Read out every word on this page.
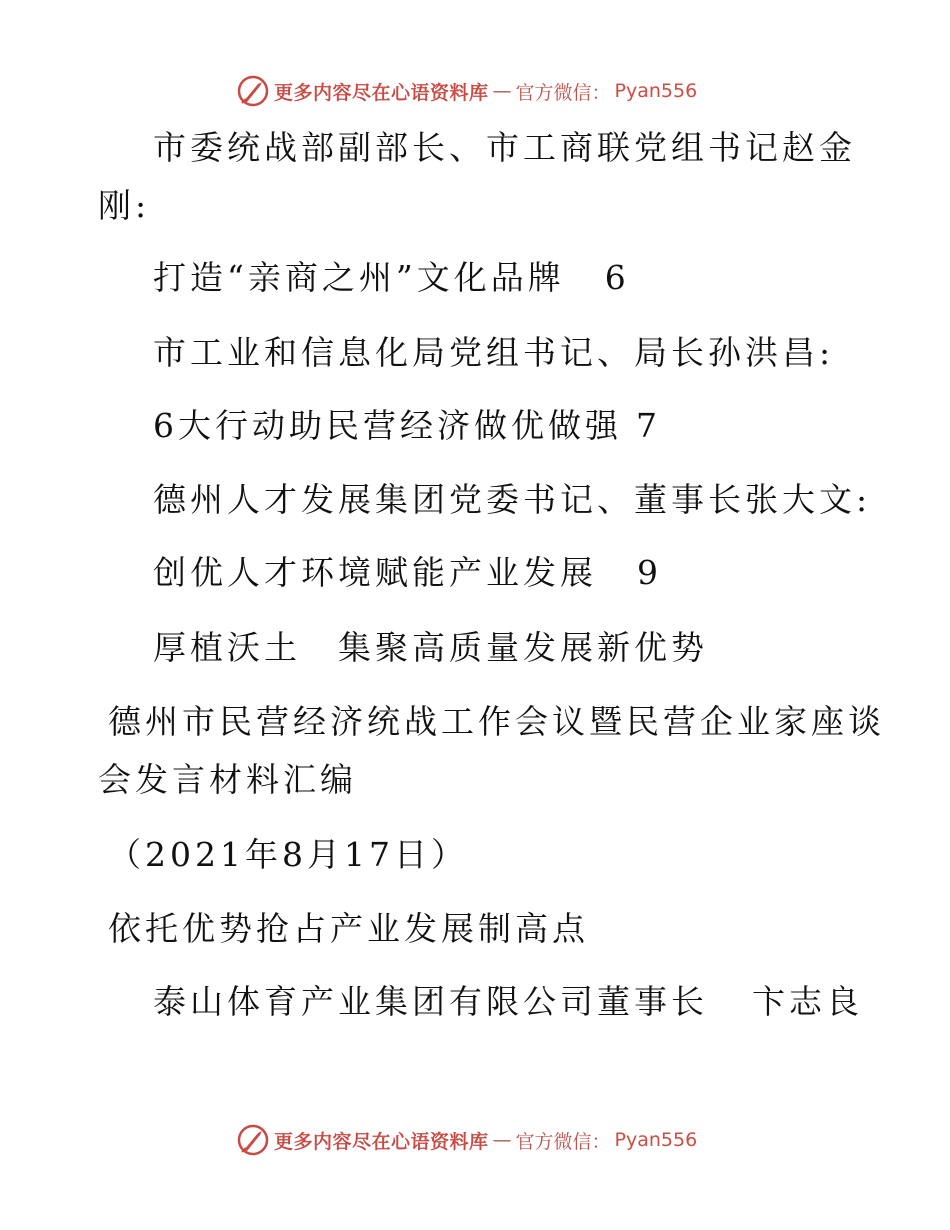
更多内容尽在心语资料库 — 官方微信： Pyan556
市委统战部副部长、市工商联党组书记赵金
刚:
打造“亲商之州”文化品牌 6
市工业和信息化局党组书记、局长孙洪昌:
6大行动助民营经济做优做强 7
德州人才发展集团党委书记、董事长张大文:
创优人才环境赋能产业发展 9
厚植沃土　集聚高质量发展新优势
德州市民营经济统战工作会议暨民营企业家座谈
会发言材料汇编
（2021年8月17日）
依托优势抢占产业发展制高点
泰山体育产业集团有限公司董事长 卞志良
更多内容尽在心语资料库 — 官方微信： Pyan556
